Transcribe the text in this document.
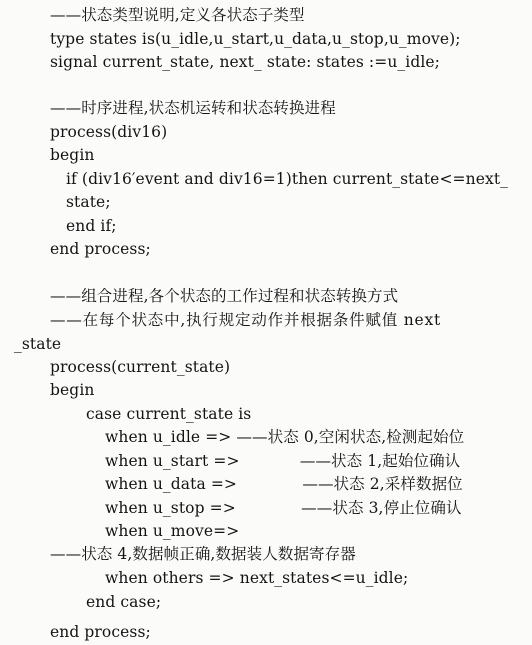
——状态类型说明,定义各状态子类型
type states is(u_idle,u_start,u_data,u_stop,u_move);
signal current_state, next_ state: states :=u_idle;
——时序进程,状态机运转和状态转换进程
process(div16)
begin
if (div16′event and div16=1)then current_state<=next_
state;
end if;
end process;
——组合进程,各个状态的工作过程和状态转换方式
——在每个状态中,执行规定动作并根据条件赋值 next
_state
process(current_state)
begin
case current_state is
when u_idle => ——状态 0,空闲状态,检测起始位
when u_start =>            ——状态 1,起始位确认
when u_data =>             ——状态 2,采样数据位
when u_stop =>             ——状态 3,停止位确认
when u_move=>
——状态 4,数据帧正确,数据装人数据寄存器
when others => next_states<=u_idle;
end case;
end process;
